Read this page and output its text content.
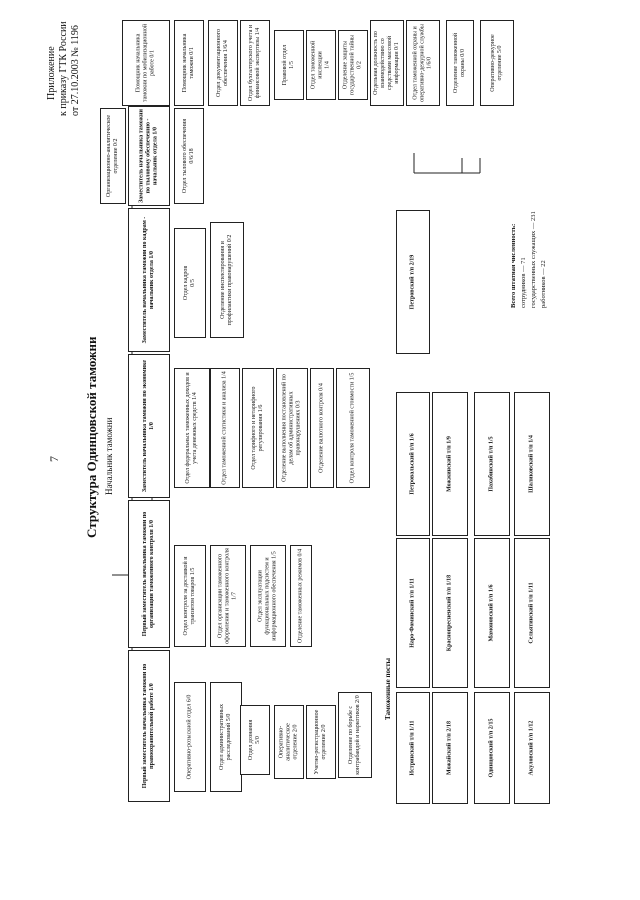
7
Приложение к приказу ГТК России от 27.10.2003 № 1196
Структура Одинцовской таможни Начальник таможни
Первый заместитель начальника таможни по правоохранительной работе 1/0
Первый заместитель начальника таможни по организации таможенного контроля 1/0
Заместитель начальника таможни по экономике 1/0
Заместитель начальника таможни по кадрам - начальник отдела 1/0
Заместитель начальника таможни по тыловому обеспечению - начальник отдела 1/0
Оперативно-розыскной отдел 6/0	Отдел административных расследований 5/0	Отдел дознания
5/0	Оперативно-аналитическое
отделение 2/0	Учетно-регистрационное
отделение 2/0	Отделение по борьбе с контрабандой и наркотиков 2/0
Отдел контроля за доставкой и транзитом товаров 1/5	Отдел организации таможенного оформления и таможенного контроля 1/7	Отдел эксплуатации функциональных подсистем и информационного обеспечения 1/5	Отделение таможенных режимов 0/4
Отдел федеральных таможенных доходов и учета денежных средств 1/4	Отдел таможенной статистики и анализа 1/4	Отдел тарифного и нетарифного регулирования 1/6	Отделение выполнения постановлений по делам об административных правонарушениях 0/3	Отделение валютного контроля 0/4	Отдел контроля таможенной стоимости 1/5
Отдел кадров
0/5	Отделение инспектирования и профилактики правонарушений 0/2
Отдел тылового обеспечения 0/6/18
Организационно-аналитическое
отделение 0/2
Помощник начальника таможни 0/1	Отдел документационного обеспечения 1/6/4	Отдел бухгалтерского учета и финансовой экспертизы 1/4	Правовой отдел
1/5
Отдел таможенной инспекции
1/4 Отделение защиты государственной тайны 0/2 Отдельная должность по взаимодействию со средствами массовой информации 0/1 Отдел таможенной охраны и оперативно-дежурной службы 1/6/0
Помощник начальника таможни по мобилизационной работе 0/1	Отделение таможенной охраны 0/0	Оперативно-дежурное отделение 5/0
Таможенные посты
Истринский т/п 1/11
Наро-Фоминский т/п 1/11
Петровальский т/п 1/6
Петровский т/п 2/19
Можайский т/п 2/18
Краснопресненский т/п 1/18
Можжинский т/п 1/9
Одинцовский т/п 2/15
Мамоновский т/п 1/6
Пахабинский т/п 1/5
Акуловский т/п 1/12
Сельятинский т/п 1/11
Шаликовский т/п 1/4
Всего штатная численность: сотрудников — 71 государственных служащих — 231 работников — 22
